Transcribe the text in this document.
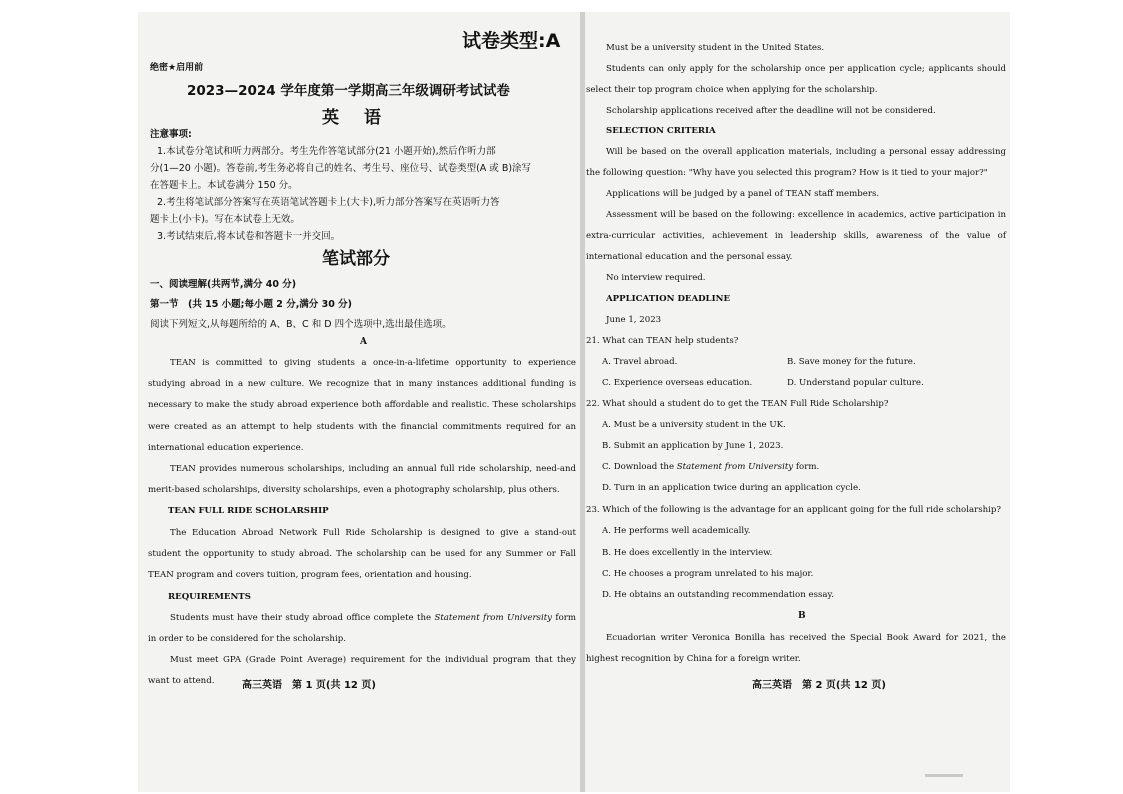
试卷类型:A
绝密★启用前
2023—2024 学年度第一学期高三年级调研考试试卷
英　语
注意事项:
1.本试卷分笔试和听力两部分。考生先作答笔试部分(21 小题开始),然后作听力部
分(1—20 小题)。答卷前,考生务必将自己的姓名、考生号、座位号、试卷类型(A 或 B)涂写
在答题卡上。本试卷满分 150 分。
2.考生将笔试部分答案写在英语笔试答题卡上(大卡),听力部分答案写在英语听力答
题卡上(小卡)。写在本试卷上无效。
3.考试结束后,将本试卷和答题卡一并交回。
笔试部分
一、阅读理解(共两节,满分 40 分)
第一节　(共 15 小题;每小题 2 分,满分 30 分)
阅读下列短文,从每题所给的 A、B、C 和 D 四个选项中,选出最佳选项。
A
TEAN is committed to giving students a once-in-a-lifetime opportunity to experience studying abroad in a new culture. We recognize that in many instances additional funding is necessary to make the study abroad experience both affordable and realistic. These scholarships were created as an attempt to help students with the financial commitments required for an international education experience.
TEAN provides numerous scholarships, including an annual full ride scholarship, need-and merit-based scholarships, diversity scholarships, even a photography scholarship, plus others.
TEAN FULL RIDE SCHOLARSHIP
The Education Abroad Network Full Ride Scholarship is designed to give a stand-out student the opportunity to study abroad. The scholarship can be used for any Summer or Fall TEAN program and covers tuition, program fees, orientation and housing.
REQUIREMENTS
Students must have their study abroad office complete the Statement from University form in order to be considered for the scholarship.
Must meet GPA (Grade Point Average) requirement for the individual program that they want to attend.	高三英语　第 1 页(共 12 页)
Must be a university student in the United States.
Students can only apply for the scholarship once per application cycle; applicants should select their top program choice when applying for the scholarship.
Scholarship applications received after the deadline will not be considered.
SELECTION CRITERIA
Will be based on the overall application materials, including a personal essay addressing the following question: "Why have you selected this program? How is it tied to your major?"
Applications will be judged by a panel of TEAN staff members.
Assessment will be based on the following: excellence in academics, active participation in extra-curricular activities, achievement in leadership skills, awareness of the value of international education and the personal essay.
No interview required.
APPLICATION DEADLINE
June 1, 2023
21. What can TEAN help students?
A. Travel abroad.	B. Save money for the future.
C. Experience overseas education.	D. Understand popular culture.
22. What should a student do to get the TEAN Full Ride Scholarship?
A. Must be a university student in the UK.
B. Submit an application by June 1, 2023.
C. Download the Statement from University form.
D. Turn in an application twice during an application cycle.
23. Which of the following is the advantage for an applicant going for the full ride scholarship?
A. He performs well academically.
B. He does excellently in the interview.
C. He chooses a program unrelated to his major.
D. He obtains an outstanding recommendation essay.
B
Ecuadorian writer Veronica Bonilla has received the Special Book Award for 2021, the highest recognition by China for a foreign writer.
高三英语　第 2 页(共 12 页)
